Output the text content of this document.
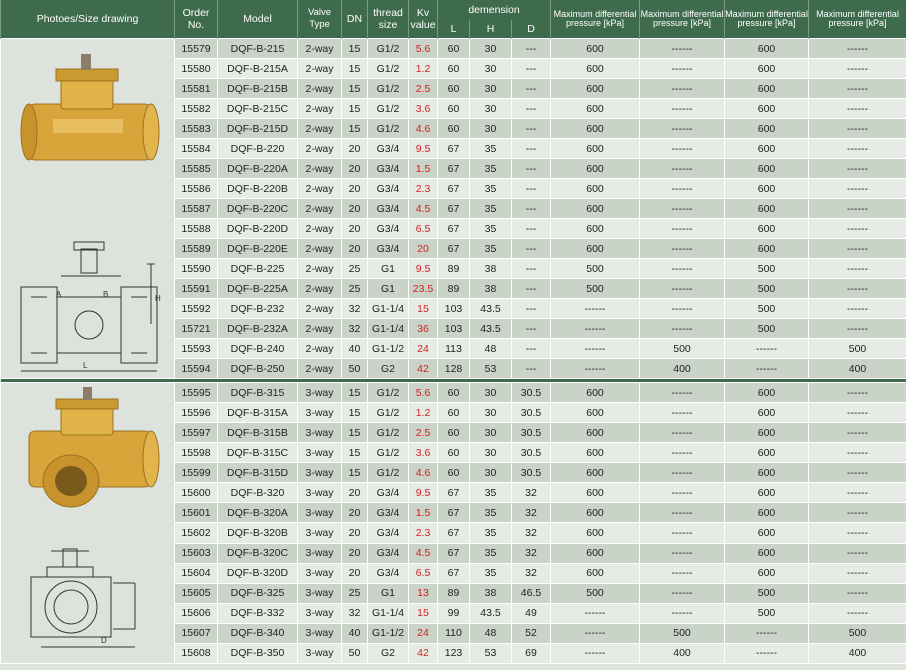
Photoes/Size drawing	Order No.	Model	Valve Type	DN	thread size	Kv value	demension			Maximum differential pressure [kPa]	Maximum differential pressure [kPa]	Maximum differential pressure [kPa]	Maximum differential pressure [kPa]
							L	H	D				

A B H
L	15579	DQF-B-215	2-way	15	G1/2	5.6	60	30	---	600	------	600	------
	15580	DQF-B-215A	2-way	15	G1/2	1.2	60	30	---	600	------	600	------
	15581	DQF-B-215B	2-way	15	G1/2	2.5	60	30	---	600	------	600	------
	15582	DQF-B-215C	2-way	15	G1/2	3.6	60	30	---	600	------	600	------
	15583	DQF-B-215D	2-way	15	G1/2	4.6	60	30	---	600	------	600	------
	15584	DQF-B-220	2-way	20	G3/4	9.5	67	35	---	600	------	600	------
	15585	DQF-B-220A	2-way	20	G3/4	1.5	67	35	---	600	------	600	------
	15586	DQF-B-220B	2-way	20	G3/4	2.3	67	35	---	600	------	600	------
	15587	DQF-B-220C	2-way	20	G3/4	4.5	67	35	---	600	------	600	------
	15588	DQF-B-220D	2-way	20	G3/4	6.5	67	35	---	600	------	600	------
	15589	DQF-B-220E	2-way	20	G3/4	20	67	35	---	600	------	600	------
	15590	DQF-B-225	2-way	25	G1	9.5	89	38	---	500	------	500	------
	15591	DQF-B-225A	2-way	25	G1	23.5	89	38	---	500	------	500	------
	15592	DQF-B-232	2-way	32	G1-1/4	15	103	43.5	---	------	------	500	------
	15721	DQF-B-232A	2-way	32	G1-1/4	36	103	43.5	---	------	------	500	------
	15593	DQF-B-240	2-way	40	G1-1/2	24	113	48	---	------	500	------	500
	15594	DQF-B-250	2-way	50	G2	42	128	53	---	------	400	------	400

D	15595	DQF-B-315	3-way	15	G1/2	5.6	60	30	30.5	600	------	600	------
	15596	DQF-B-315A	3-way	15	G1/2	1.2	60	30	30.5	600	------	600	------
	15597	DQF-B-315B	3-way	15	G1/2	2.5	60	30	30.5	600	------	600	------
	15598	DQF-B-315C	3-way	15	G1/2	3.6	60	30	30.5	600	------	600	------
	15599	DQF-B-315D	3-way	15	G1/2	4.6	60	30	30.5	600	------	600	------
	15600	DQF-B-320	3-way	20	G3/4	9.5	67	35	32	600	------	600	------
	15601	DQF-B-320A	3-way	20	G3/4	1.5	67	35	32	600	------	600	------
	15602	DQF-B-320B	3-way	20	G3/4	2.3	67	35	32	600	------	600	------
	15603	DQF-B-320C	3-way	20	G3/4	4.5	67	35	32	600	------	600	------
	15604	DQF-B-320D	3-way	20	G3/4	6.5	67	35	32	600	------	600	------
	15605	DQF-B-325	3-way	25	G1	13	89	38	46.5	500	------	500	------
	15606	DQF-B-332	3-way	32	G1-1/4	15	99	43.5	49	------	------	500	------
	15607	DQF-B-340	3-way	40	G1-1/2	24	110	48	52	------	500	------	500
	15608	DQF-B-350	3-way	50	G2	42	123	53	69	------	400	------	400
